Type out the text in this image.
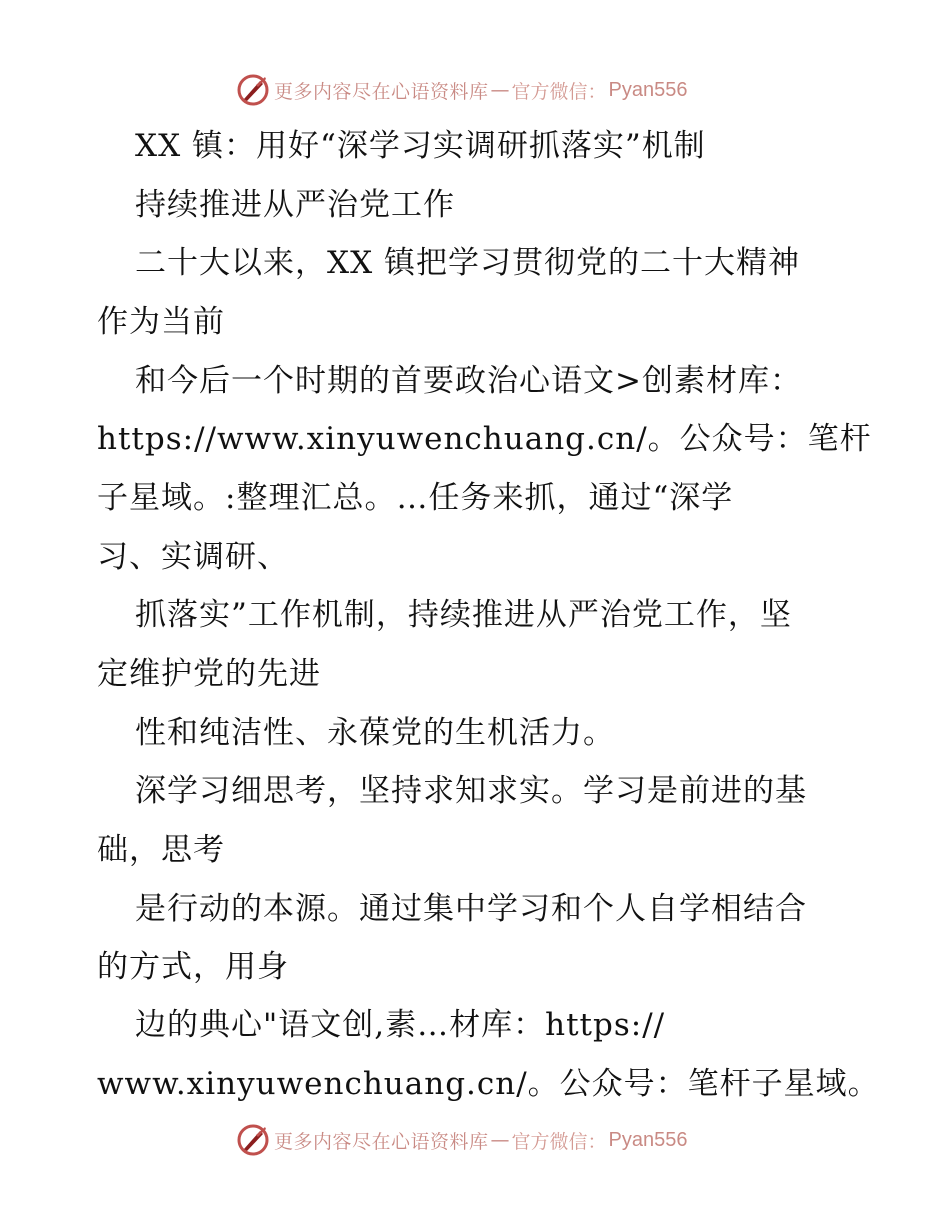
更多内容尽在心语资料库 — 官方微信： Pyan556
XX 镇：用好“深学习实调研抓落实”机制
持续推进从严治党工作
二十大以来，XX 镇把学习贯彻党的二十大精神
作为当前
和今后一个时期的首要政治心语文>创素材库：
https://www.xinyuwenchuang.cn/。公众号：笔杆
子星域。:整理汇总。…任务来抓，通过“深学
习、实调研、
抓落实”工作机制，持续推进从严治党工作，坚
定维护党的先进
性和纯洁性、永葆党的生机活力。
深学习细思考，坚持求知求实。学习是前进的基
础，思考
是行动的本源。通过集中学习和个人自学相结合
的方式，用身
边的典心"语文创,素…材库：https://
www.xinyuwenchuang.cn/。公众号：笔杆子星域。
更多内容尽在心语资料库 — 官方微信： Pyan556
